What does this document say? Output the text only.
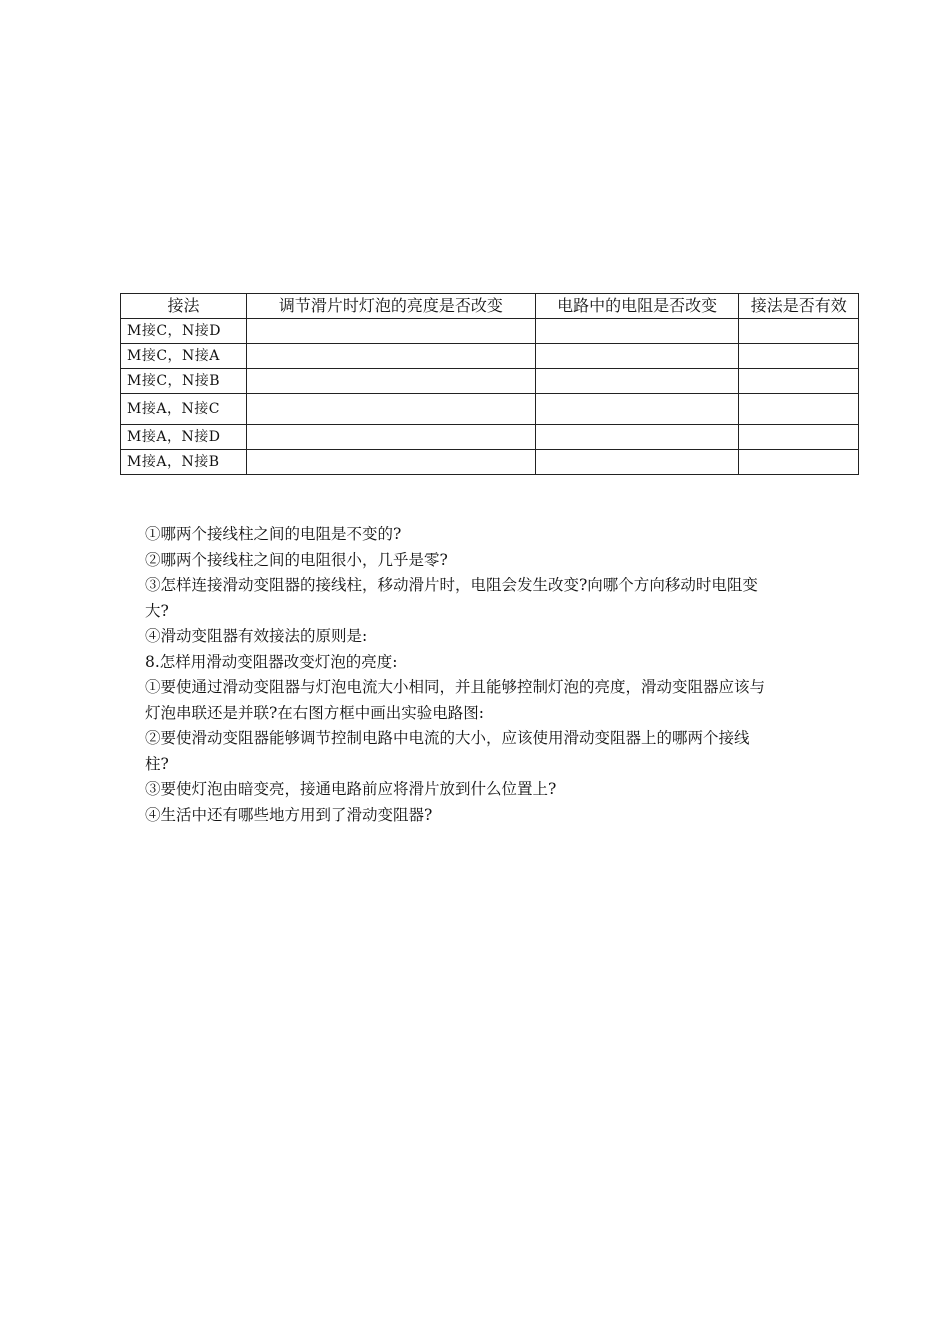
接法	调节滑片时灯泡的亮度是否改变	电路中的电阻是否改变	接法是否有效
M接C，N接D			
M接C，N接A			
M接C，N接B			
M接A，N接C			
M接A，N接D			
M接A，N接B			

①哪两个接线柱之间的电阻是不变的?

②哪两个接线柱之间的电阻很小，几乎是零?

③怎样连接滑动变阻器的接线柱，移动滑片时，电阻会发生改变?向哪个方向移动时电阻变

大?

④滑动变阻器有效接法的原则是:

8.怎样用滑动变阻器改变灯泡的亮度:

①要使通过滑动变阻器与灯泡电流大小相同，并且能够控制灯泡的亮度，滑动变阻器应该与

灯泡串联还是并联?在右图方框中画出实验电路图:

②要使滑动变阻器能够调节控制电路中电流的大小，应该使用滑动变阻器上的哪两个接线

柱?

③要使灯泡由暗变亮，接通电路前应将滑片放到什么位置上?

④生活中还有哪些地方用到了滑动变阻器?
